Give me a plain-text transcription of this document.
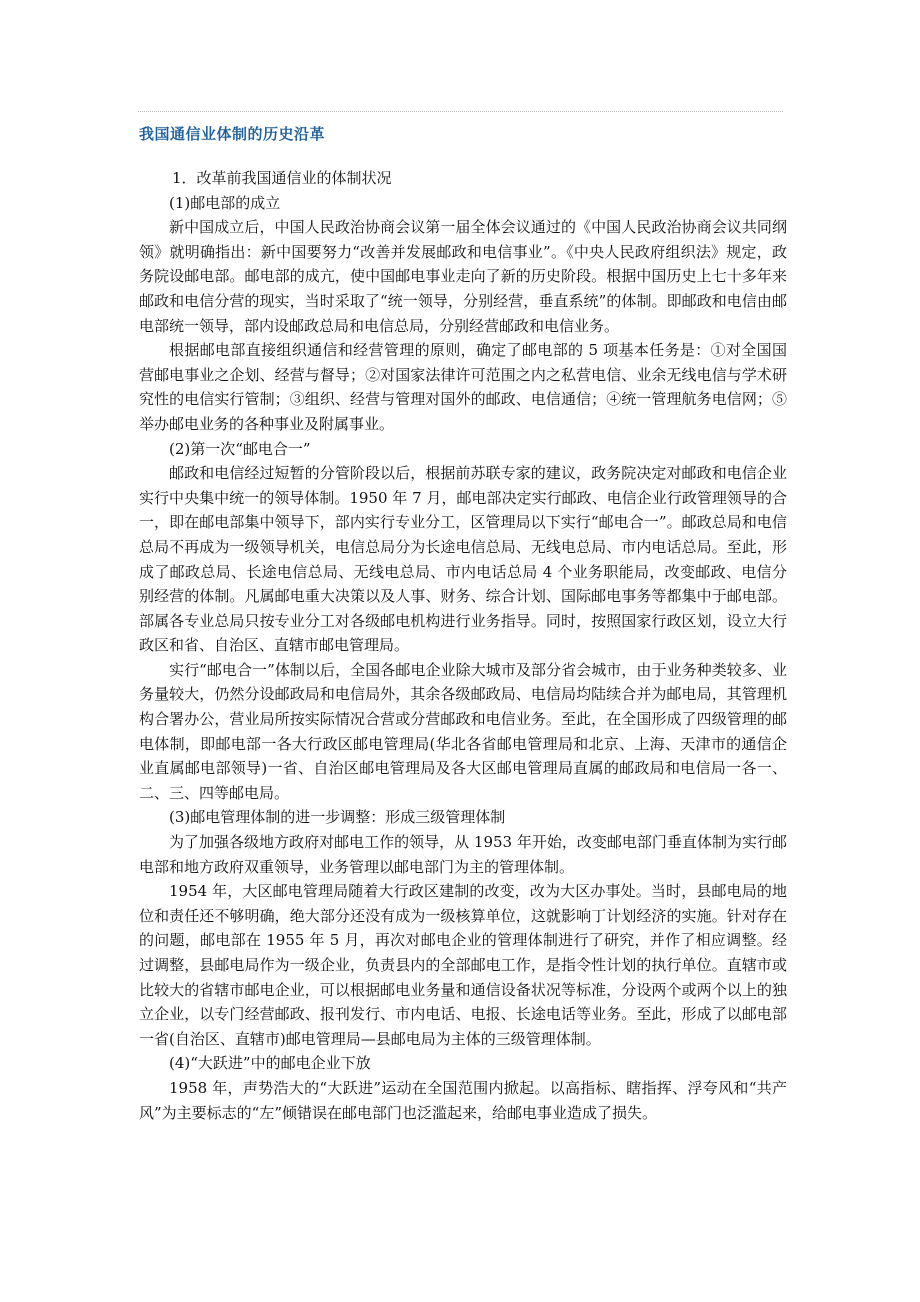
我国通信业体制的历史沿革

1．改革前我国通信业的体制状况

(1)邮电部的成立

新中国成立后，中国人民政治协商会议第一届全体会议通过的《中国人民政治协商会议共同纲领》就明确指出：新中国要努力“改善并发展邮政和电信事业”。《中央人民政府组织法》规定，政务院设邮电部。邮电部的成亢，使中国邮电事业走向了新的历史阶段。根据中国历史上七十多年来邮政和电信分营的现实，当时采取了“统一领导，分别经营，垂直系统”的体制。即邮政和电信由邮电部统一领导，部内设邮政总局和电信总局，分别经营邮政和电信业务。

根据邮电部直接组织通信和经营管理的原则，确定了邮电部的 5 项基本任务是：①对全国国营邮电事业之企划、经营与督导；②对国家法律许可范围之内之私营电信、业余无线电信与学术研究性的电信实行管制；③组织、经营与管理对国外的邮政、电信通信；④统一管理航务电信网；⑤举办邮电业务的各种事业及附属事业。

(2)第一次“邮电合一”

邮政和电信经过短暂的分管阶段以后，根据前苏联专家的建议，政务院决定对邮政和电信企业实行中央集中统一的领导体制。1950 年 7 月，邮电部决定实行邮政、电信企业行政管理领导的合一，即在邮电部集中领导下，部内实行专业分工，区管理局以下实行“邮电合一”。邮政总局和电信总局不再成为一级领导机关，电信总局分为长途电信总局、无线电总局、市内电话总局。至此，形成了邮政总局、长途电信总局、无线电总局、市内电话总局 4 个业务职能局，改变邮政、电信分别经营的体制。凡属邮电重大决策以及人事、财务、综合计划、国际邮电事务等都集中于邮电部。部属各专业总局只按专业分工对各级邮电机构进行业务指导。同时，按照国家行政区划，设立大行政区和省、自治区、直辖市邮电管理局。

实行“邮电合一”体制以后，全国各邮电企业除大城市及部分省会城市，由于业务种类较多、业务量较大，仍然分设邮政局和电信局外，其余各级邮政局、电信局均陆续合并为邮电局，其管理机构合署办公，营业局所按实际情况合营或分营邮政和电信业务。至此，在全国形成了四级管理的邮电体制，即邮电部一各大行政区邮电管理局(华北各省邮电管理局和北京、上海、天津市的通信企业直属邮电部领导)一省、自治区邮电管理局及各大区邮电管理局直属的邮政局和电信局一各一、二、三、四等邮电局。

(3)邮电管理体制的进一步调整：形成三级管理体制

为了加强各级地方政府对邮电工作的领导，从 1953 年开始，改变邮电部门垂直体制为实行邮电部和地方政府双重领导，业务管理以邮电部门为主的管理体制。

1954 年，大区邮电管理局随着大行政区建制的改变，改为大区办事处。当时，县邮电局的地位和责任还不够明确，绝大部分还没有成为一级核算单位，这就影响丁计划经济的实施。针对存在的问题，邮电部在 1955 年 5 月，再次对邮电企业的管理体制进行了研究，并作了相应调整。经过调整，县邮电局作为一级企业，负责县内的全部邮电工作，是指令性计划的执行单位。直辖市或比较大的省辖市邮电企业，可以根据邮电业务量和通信设备状况等标准，分设两个或两个以上的独立企业，以专门经营邮政、报刊发行、市内电话、电报、长途电话等业务。至此，形成了以邮电部一省(自治区、直辖市)邮电管理局—县邮电局为主体的三级管理体制。

(4)“大跃进”中的邮电企业下放

1958 年，声势浩大的“大跃进”运动在全国范围内掀起。以高指标、瞎指挥、浮夸风和“共产风”为主要标志的“左”倾错误在邮电部门也泛滥起来，给邮电事业造成了损失。
